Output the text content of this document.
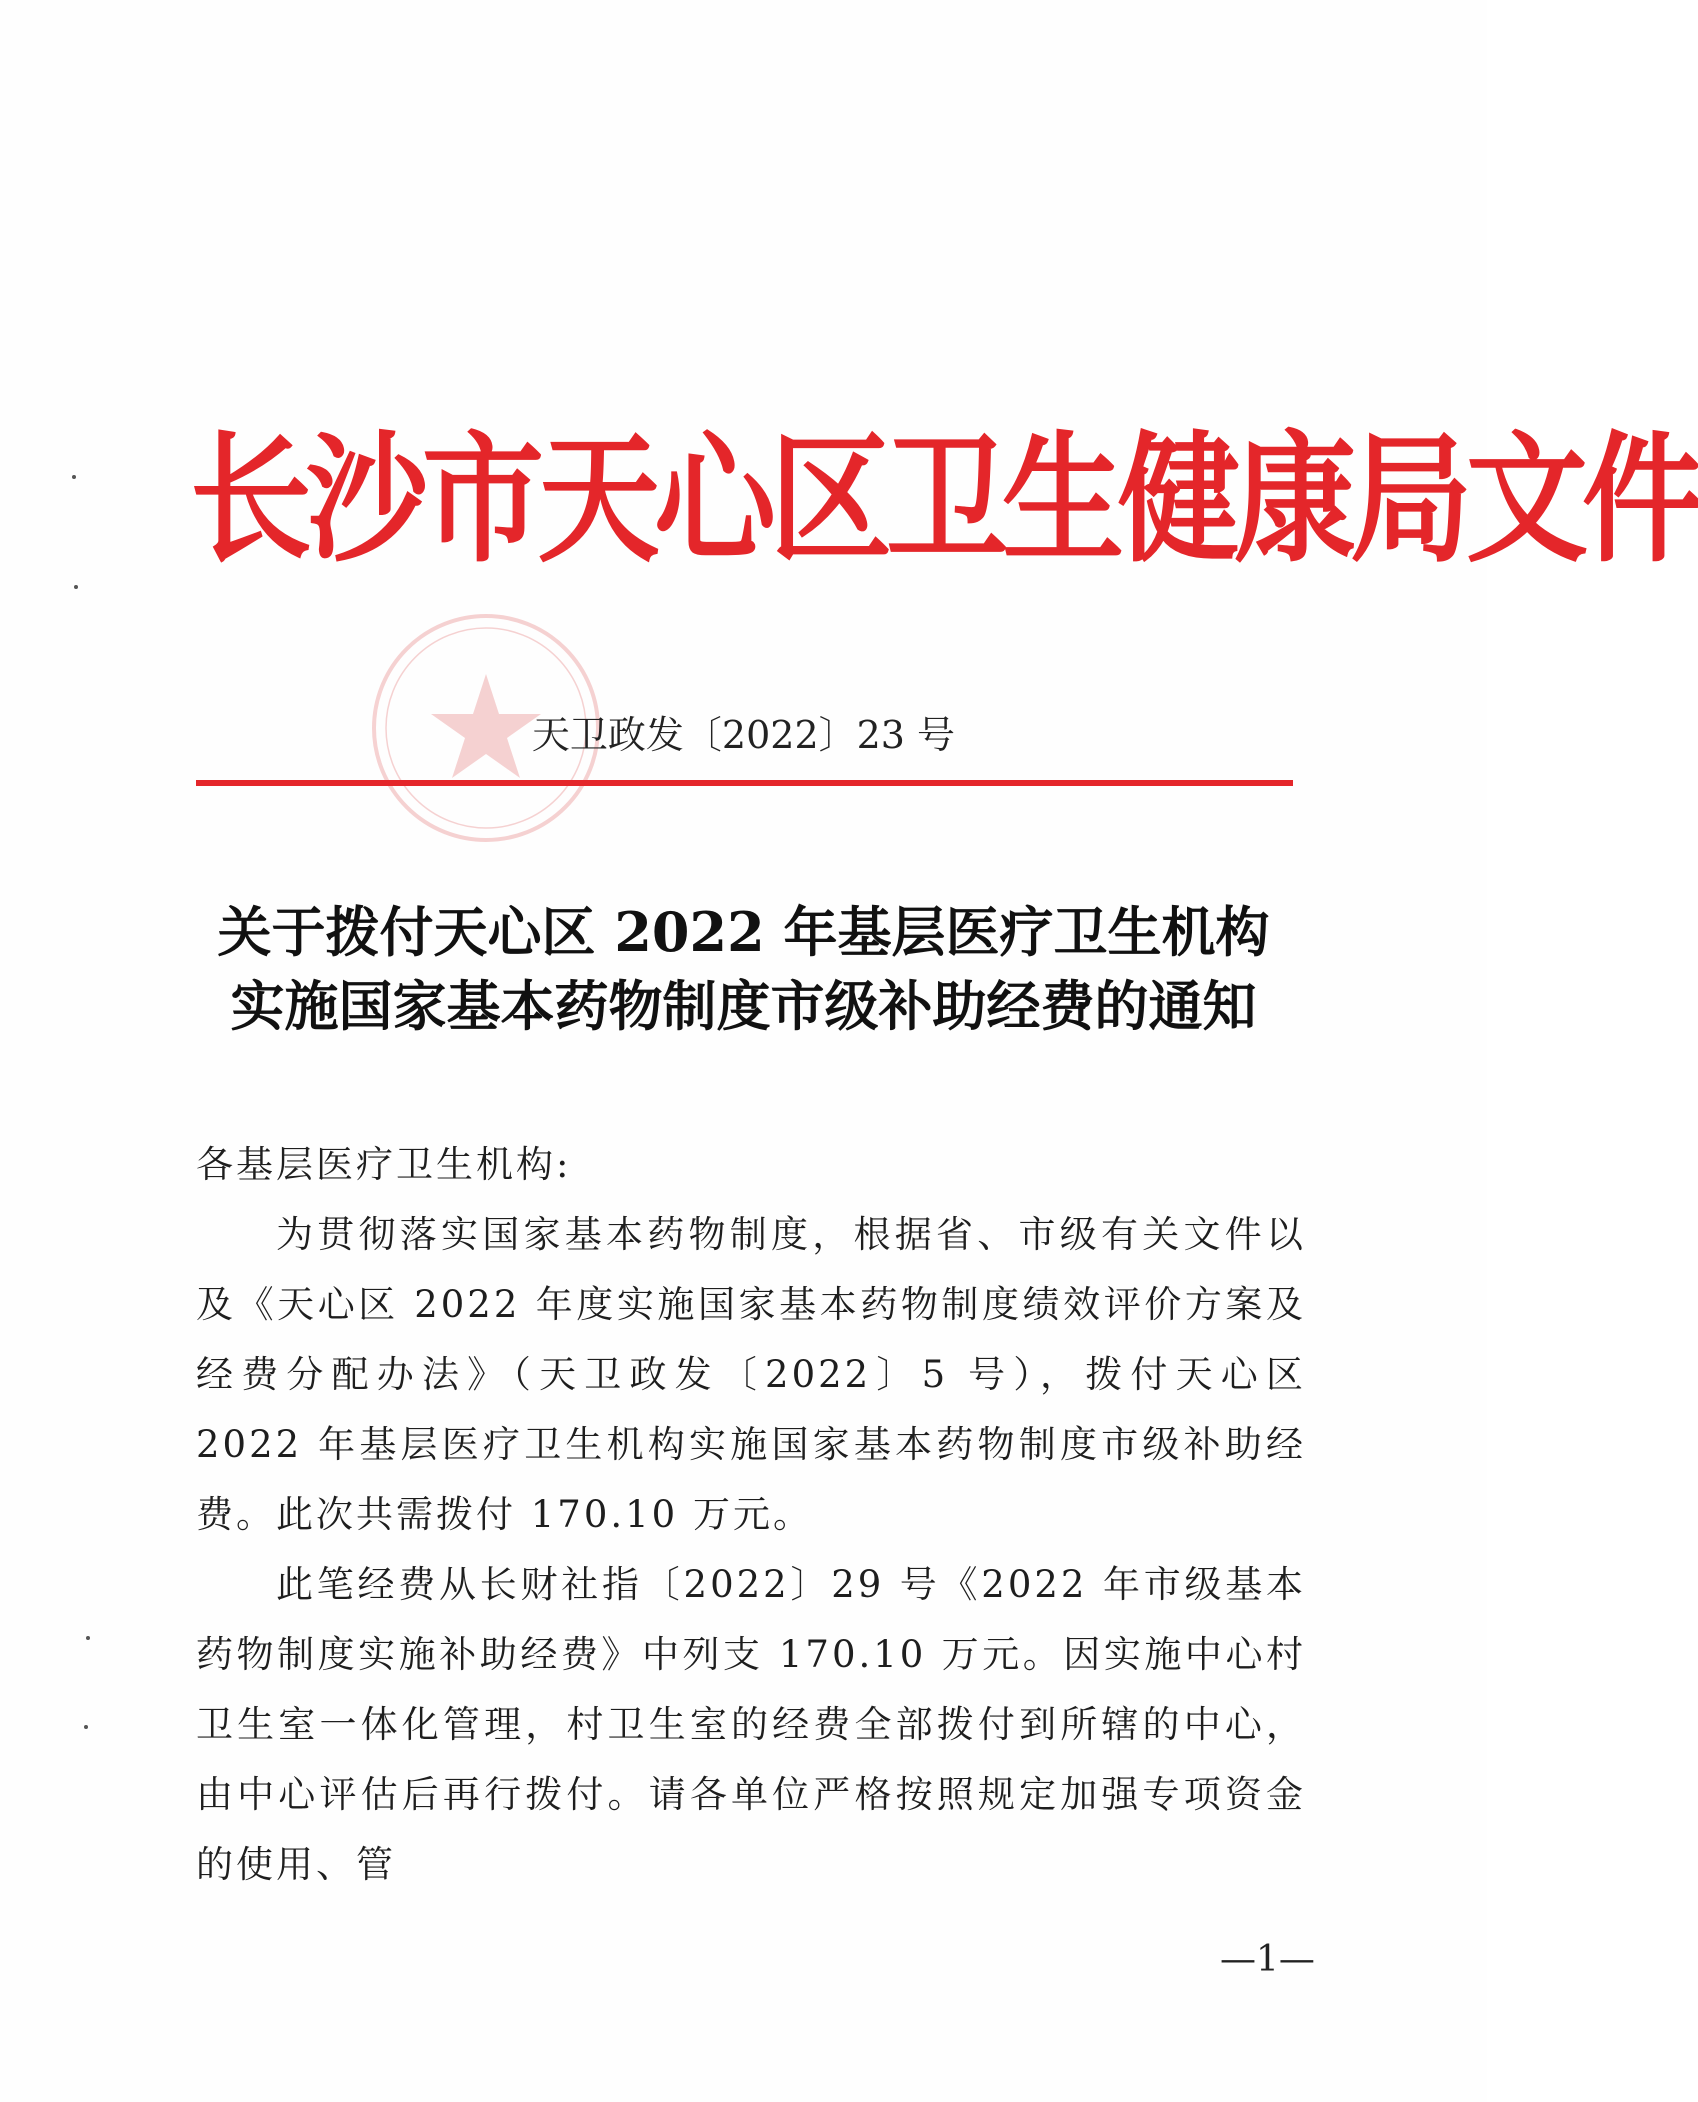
长沙市天心区卫生健康局文件
天卫政发〔2022〕23 号
关于拨付天心区 2022 年基层医疗卫生机构
实施国家基本药物制度市级补助经费的通知

各基层医疗卫生机构:

为贯彻落实国家基本药物制度，根据省、市级有关文件以及《天心区 2022 年度实施国家基本药物制度绩效评价方案及经费分配办法》（天卫政发〔2022〕5 号），拨付天心区 2022 年基层医疗卫生机构实施国家基本药物制度市级补助经费。此次共需拨付 170.10 万元。

此笔经费从长财社指〔2022〕29 号《2022 年市级基本药物制度实施补助经费》中列支 170.10 万元。因实施中心村卫生室一体化管理，村卫生室的经费全部拨付到所辖的中心，由中心评估后再行拨付。请各单位严格按照规定加强专项资金的使用、管

—1—
